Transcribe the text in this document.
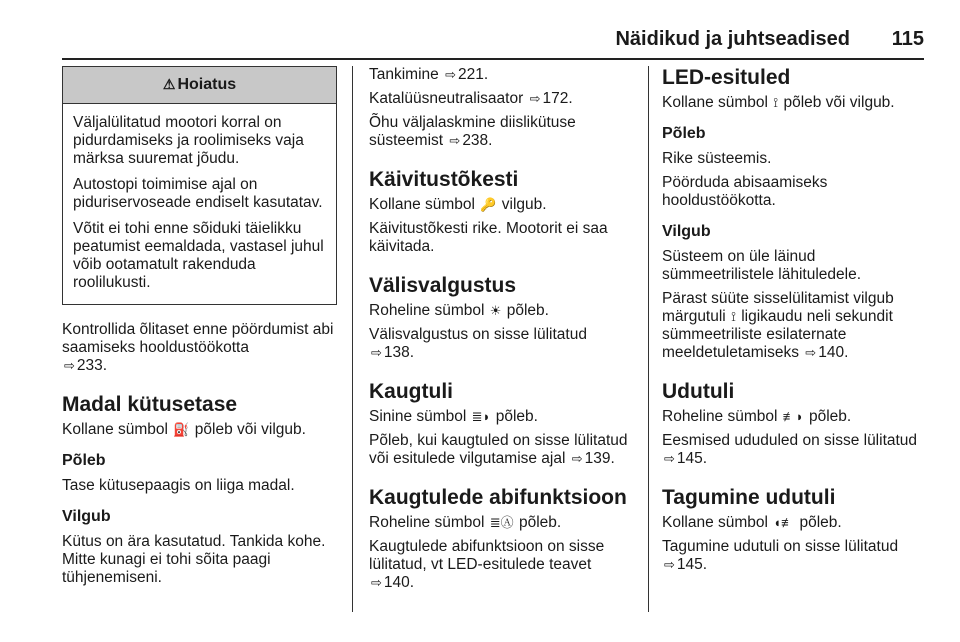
Näidikud ja juhtseadised 115
⚠ Hoiatus

Väljalülitatud mootori korral on pidurdamiseks ja roolimiseks vaja märksa suuremat jõudu.

Autostopi toimimise ajal on piduriservoseade endiselt kasutatav.

Võtit ei tohi enne sõiduki täielikku peatumist eemaldada, vastasel juhul võib ootamatult rakenduda roolilukusti.

Kontrollida õlitaset enne pöördumist abi saamiseks hooldustöökotta
⇨ 233.

Madal kütusetase

Kollane sümbol ⛽ põleb või vilgub.

Põleb

Tase kütusepaagis on liiga madal.

Vilgub

Kütus on ära kasutatud. Tankida kohe. Mitte kunagi ei tohi sõita paagi tühjenemiseni.

Tankimine ⇨ 221.

Katalüüsneutralisaator ⇨ 172.

Õhu väljalaskmine diislikütuse süsteemist ⇨ 238.

Käivitustõkesti

Kollane sümbol 🔑 vilgub.

Käivitustõkesti rike. Mootorit ei saa käivitada.

Välisvalgustus

Roheline sümbol ☀ põleb.

Välisvalgustus on sisse lülitatud
⇨ 138.

Kaugtuli

Sinine sümbol ≣◗ põleb.

Põleb, kui kaugtuled on sisse lülitatud või esitulede vilgutamise ajal ⇨ 139.

Kaugtulede abifunktsioon

Roheline sümbol ≣Ⓐ põleb.

Kaugtulede abifunktsioon on sisse lülitatud, vt LED-esitulede teavet
⇨ 140.

LED-esituled

Kollane sümbol ⟟ põleb või vilgub.

Põleb

Rike süsteemis.

Pöörduda abisaamiseks hooldustöökotta.

Vilgub

Süsteem on üle läinud sümmeetrilistele lähituledele.

Pärast süüte sisselülitamist vilgub märgutuli ⟟ ligikaudu neli sekundit sümmeetriliste esilaternate meeldetuletamiseks ⇨ 140.

Udutuli

Roheline sümbol ≢◗ põleb.

Eesmised ududuled on sisse lülitatud
⇨ 145.

Tagumine udutuli

Kollane sümbol ◖≢ põleb.

Tagumine udutuli on sisse lülitatud
⇨ 145.
